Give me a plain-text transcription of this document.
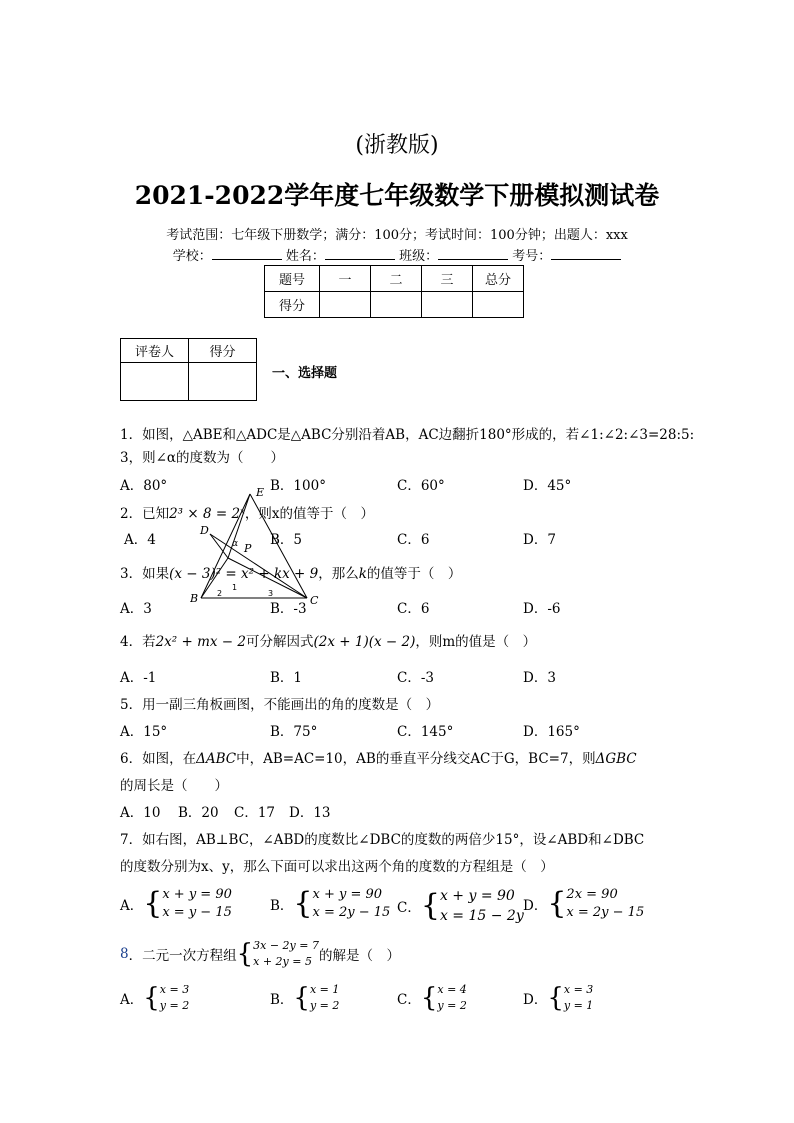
(浙教版)
2021-2022学年度七年级数学下册模拟测试卷
考试范围：七年级下册数学；满分：100分；考试时间：100分钟；出题人：xxx
学校：	姓名：	班级：	考号：
题号	一	二	三	总分
得分				
评卷人	得分

一、选择题
1．如图，△ABE和△ADC是△ABC分别沿着AB，AC边翻折180°形成的，若∠1:∠2:∠3=28:5:
3，则∠α的度数为（　　）
A．80°	B．100°	C．60°	D．45°
E
D
P
α
B	C
1
2	3
2．已知2³ × 8 = 2ˣ，则x的值等于（　）
A．4	B．5	C．6	D．7
3．如果(x − 3)² = x² + kx + 9，那么k的值等于（　）
A．3	B．-3	C．6	D．-6
4．若2x² + mx − 2可分解因式(2x + 1)(x − 2)，则m的值是（　）
A．-1	B．1	C．-3	D．3
5．用一副三角板画图，不能画出的角的度数是（　）
A．15°	B．75°	C．145°	D．165°
6．如图，在ΔABC中，AB=AC=10，AB的垂直平分线交AC于G，BC=7，则ΔGBC
的周长是（　　）
A．10 B．20 C．17 D．13
7．如右图，AB⊥BC，∠ABD的度数比∠DBC的度数的两倍少15°，设∠ABD和∠DBC
的度数分别为x、y，那么下面可以求出这两个角的度数的方程组是（　）
A． { x + y = 90
x = y − 15	B． { x + y = 90
x = 2y − 15 C． { x + y = 90
x = 15 − 2y
D． { 2x = 90
x = 2y − 15
8 ．二元一次方程组 { 3x − 2y = 7
x + 2y = 5 的解是（　）
A． { x = 3
y = 2	B． { x = 1
y = 2	C． { x = 4
y = 2	D． { x = 3
y = 1
